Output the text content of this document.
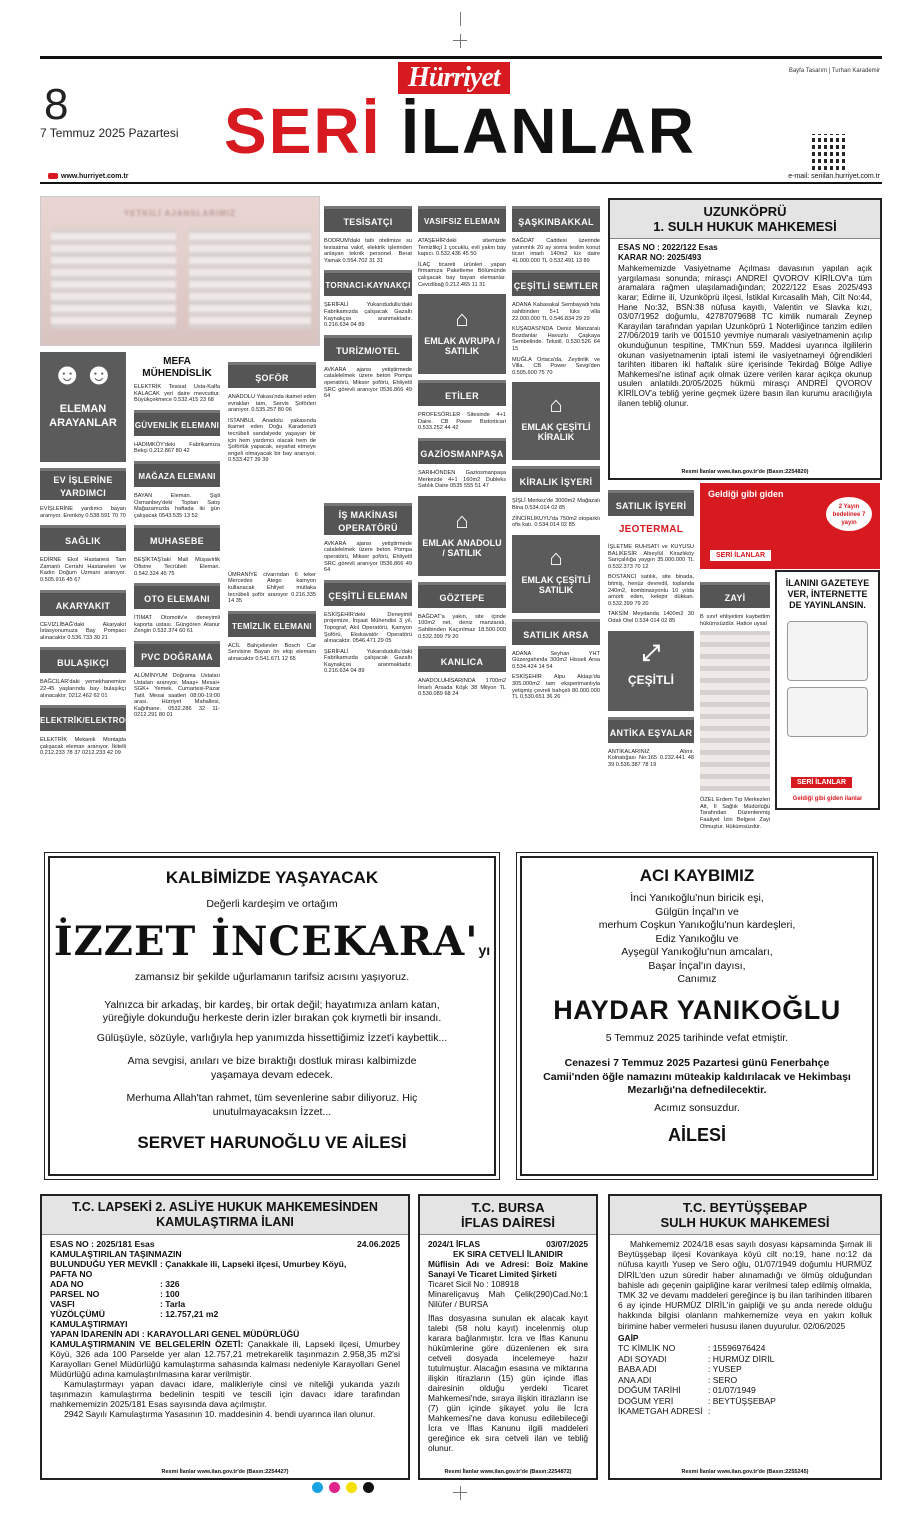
Hürriyet	Bayfa Tasarım | Turhan Karademir
8
7 Temmuz 2025 Pazartesi SERİ İLANLAR
www.hurriyet.com.tr	e-mail: seriilan.hurriyet.com.tr
YETKİLİ AJANSLARIMIZ
☻☻
ELEMAN ARAYANLAR
EV İŞLERİNE YARDIMCI
EVİŞLERİNE yardımcı bayan aranıyor. Erenköy 0.538.591 70 70
SAĞLIK
EDİRNE Ekol Hastanesi Tam Zamanlı Cerrahi Hastaneleri ve Kadın Doğum Uzmanı aranıyor. 0.505.916 45 67
AKARYAKIT
CEVİZLİBAĞ'daki Akaryakıt İstasyonumuza Bay Pompacı alınacaktır 0.536.733 30 21
BULAŞIKÇI
BAĞCILAR'daki yemekhanemize 22-45 yaşlarında bay bulaşıkçı alınacaktır. 0212.462 62 01
ELEKTRİK/ELEKTRONİK
ELEKTRİK Mekanik Montajda çalışacak eleman aranıyor. İkitelli 0.212.233 78 37 0212.233 42 09
MEFA MÜHENDİSLİK
ELEKTRİK Tesisat Usta-Kalfa KALACAK yeri daire mevcuttur. Büyükçekmece 0.532.415 23 68
GÜVENLİK ELEMANI
HADIMKÖY'deki Fabrikamıza Bekçi 0.212.867 80 42
MAĞAZA ELEMANI
BAYAN Eleman. Şişli Osmanbey'deki Toptan Satış Mağazamızda haftada iki gün çalışacak 0543.535 13 52
MUHASEBE
BEŞİKTAŞ'taki Mali Müşavirlik Ofisine Tecrübeli Eleman. 0.542.324 45 75
OTO ELEMANI
İTİMAT Otomotiv'e deneyimli kaporta ustası. Güngören Atanur Zengin 0.532.374 60 61
PVC DOĞRAMA
ALÜMİNYUM Doğrama Ustaları Ustaları aranıyor. Maaş+ Mesai+ SGK+ Yemek. Cumartesi-Pazar Tatil. Mesai saatleri 08:00-19:00 arası. Hürriyet Mahallesi, Kağıthane. 0532.286 32 11- 0212.291 80 01
ŞOFÖR
ANADOLU Yakası'nda ikamet eden evrakları tam, Servis Şoförleri aranıyor. 0.535.257 80 06
İSTANBUL Anadolu yakasında ikamet eden Doğu Karadenizli tecrübeli sandalyede yaşayan bir için hem yardımcı olacak hem de Şoförlük yapacak, seyahat etmeye engeli olmayacak bir bay aranıyor. 0.533.427 39 39
ÜMRANİYE civarından 6 teker Mercedes Atego kamyon kullanacak Ehliyet mutlaka tecrübeli şoför aranıyor 0.216.335 14 35
TEMİZLİK ELEMANI
ACİL Bahçelievler Bosch Car Servisine Bayan ön ekip elemanı alınacaktır 0.541.671 12 65
TESİSATÇI
BODRUM'daki tatlı otelimize su tesisatına vakıf, elektrik işlerinden anlayan teknik personel. Berat Yamak 0.554.702 31 31
TORNACI-KAYNAKÇI
ŞERİFALİ Yukarıdudullu'daki Fabrikamızda çalışacak Gazaltı Kaynakçısı aranmaktadır. 0.216.634 04 89
TURİZM/OTEL
AVKARA ajansı yetiştirmede catalelelmek üzere beton Pompa operatörü, Mikser şoförü, Ehliyetli SRC görevli aranıyor 0536.866 49 64
İŞ MAKİNASI OPERATÖRÜ
AVKARA ajansı yetiştirmede catalelelmek üzere beton Pompa operatörü, Mikser şoförü, Ehliyetli SRC görevli aranıyor 0536.866 49 64
ÇEŞİTLİ ELEMAN
ESKİŞEHİR'deki Deneyimli projemize, İnşaat Mühendisi 3 yıl, Topograf, Akıl Operatörü, Kamyon Şoförü, Ekskavatör Operatörü alınacaktır. 0546.471 29 05
ŞERİFALİ Yukarıdudullu'daki Fabrikamızda çalışacak Gazaltı Kaynakçısı aranmaktadır. 0.216.634 04 89
VASIFSIZ ELEMAN
ATAŞEHİR'deki sitemizde Temizlikçi 1 çocuklu, evli yakın bay kapıcı. 0.532.436 45 50
İLAÇ ticareti ürünleri yapan firmamıza Paketleme Bölümünde çalışacak bay bayan elemanlar. Cevizlibağ 0.212.465 11 31
⌂
EMLAK AVRUPA / SATILIK
ETİLER
PROFESÖRLER Sitesinde 4+1 Daire. CB Power Bistorticari 0.533.252 44 42
GAZİOSMANPAŞA
SARIHÖNDEN Gaziosmanpaşa Merkezde 4+1 160m2 Dubleks Satılık Daire 0535 555 51 47
⌂
EMLAK ANADOLU / SATILIK
GÖZTEPE
BAĞDAT'a yakın, site içinde 100m2 net, deniz manzaralı, Sahibinden Kaçırılmaz 18.500.000 0.532.399 79 20
KANLICA
ANADOLUHİSARINDA 1700m2 İmarlı Arsada Köşk 38 Milyon TL 0.530.089 68 24
ŞAŞKINBAKKAL
BAĞDAT Caddesi üzerinde yatırımlık 20 ay sonra teslim konut ticari imarlı 140m2 lüx daire 41.000.000 TL 0.532.491 13 89
ÇEŞİTLİ SEMTLER
ADANA Kabasakal Sembayadı'nda sahibinden 5+1 lüks villa 22.000.000 TL 0.546.834 29 29
KUŞADASI'NDA Deniz Manzaralı Bozdanlar Havuzlu Çaşkaya Sembelinde. Tekstil. 0.530.526 64 15
MUĞLA Ortaca'da, Zeytinlik ve Villa. CB Power Sevgi'den 0.505.600 75 70
⌂
EMLAK ÇEŞİTLİ KİRALIK
KİRALIK İŞYERİ
ŞİŞLİ Merkez'de 3000m2 Mağazalı Bina 0.534.014 02 85
ZİNCİRLİKUYU'da 750m2 otoparklı ofis katı. 0.534.014 02 85
⌂
EMLAK ÇEŞİTLİ SATILIK
SATILIK ARSA
ADANA Seyhan YHT Güzergahında 300m2 Hisseli Arsa 0.534.424 14 54
ESKİŞEHİR Alpu Aktaşı'da 305.000m2 tam eksperimanlıyla yetişmiş çevreli bahçeli 80.000.000 TL 0.530.651 36 26
UZUNKÖPRÜ
1. SULH HUKUK MAHKEMESİ
ESAS NO : 2022/122 Esas
KARAR NO: 2025/493
Mahkememizde Vasiyetname Açılması davasının yapılan açık yargılaması sonunda; mirasçı ANDREİ QVOROV KİRİLOV'a tüm aramalara rağmen ulaşılamadığından; 2022/122 Esas 2025/493 karar; Edirne ili, Uzunköprü ilçesi, İstiklal Kırcasalih Mah, Cilt No:44, Hane No:32, BSN:38 nüfusa kayıtlı, Valentin ve Slavka kızı, 03/07/1952 doğumlu, 42787079688 TC kimlik numaralı Zeynep Karayılan tarafından yapılan Uzunköprü 1 Noterliğince tanzim edilen 27/06/2019 tarih ve 001510 yevmiye numaralı vasiyetnamenin açılıp okunduğunun tespitine, TMK'nun 559. Maddesi uyarınca ilgililerin okunan vasiyetnamenin iptali istemi ile vasiyetnameyi öğrendikleri tarihten itibaren iki haftalık süre içerisinde Tekirdağ Bölge Adliye Mahkemesi'ne istinaf açık olmak üzere verilen karar açıkça okunup usulen anlatıldı.20/05/2025 hükmü mirasçı ANDREİ QVOROV KİRİLOV'a tebliğ yerine geçmek üzere basın ilan kurumu aracılığıyla ilanen tebliğ olunur.
Resmi İlanlar www.ilan.gov.tr'de (Basın:2254820)
SATILIK İŞYERİ
JEOTERMAL
İŞLETME RUHSATI ve KUYUSU BALIKESİR Altıeylül Kirazlıköy Sarıçalılığa yaygın 35.000.000 TL 0.532.373 70 12
BOSTANCI satılık, site binada, bitmiş, henüz devredil, toplanda 240m2, kombinasyonlu 10 yılda amorti eden, kelepir dükkan. 0.532.399 79 20
TAKSİM Meydanda 1400m2 30 Odalı Otel 0.534 014 02 85
⤢
ÇEŞİTLİ
ANTİKA EŞYALAR
ANTİKALARINIZ Alınır. Kolnatığası No:165 0.232.441 48 39 0.536.387 78 19
Geldiği gibi giden
2 Yayın bedelinee 7 yayın
SERİ İLANLAR
ZAYİ
B sınıf ehliyetimi kaybettim hükümsüzdür. Hatice uysal
ÖZEL Erdem Tıp Merkezleri Alt, İl Sağlık Müdürlüğü Tarafından Düzenlenmiş Faaliyet İzin Belgesi Zayi Olmuştur. Hükümsüzdür.
İLANINI GAZETEYE VER, İNTERNETTE DE YAYINLANSIN.
SERİ İLANLAR
Geldiği gibi giden ilanlar
KALBİMİZDE YAŞAYACAK
Değerli kardeşim ve ortağım
İZZET İNCEKARA'yı
zamansız bir şekilde uğurlamanın tarifsiz acısını yaşıyoruz.
Yalnızca bir arkadaş, bir kardeş, bir ortak değil; hayatımıza anlam katan, yüreğiyle dokunduğu herkeste derin izler bırakan çok kıymetli bir insandı.
Gülüşüyle, sözüyle, varlığıyla hep yanımızda hissettiğimiz İzzet'i kaybettik...
Ama sevgisi, anıları ve bize bıraktığı dostluk mirası kalbimizde yaşamaya devam edecek.
Merhuma Allah'tan rahmet, tüm sevenlerine sabır diliyoruz. Hiç unutulmayacaksın İzzet...
SERVET HARUNOĞLU VE AİLESİ
ACI KAYBIMIZ
İnci Yanıkoğlu'nun biricik eşi,
Gülgün İnçal'ın ve
merhum Coşkun Yanıkoğlu'nun kardeşleri,
Ediz Yanıkoğlu ve
Ayşegül Yanıkoğlu'nun amcaları,
Başar İnçal'ın dayısı,
Canımız
HAYDAR YANIKOĞLU
5 Temmuz 2025 tarihinde vefat etmiştir.
Cenazesi 7 Temmuz 2025 Pazartesi günü Fenerbahçe Camii'nden öğle namazını müteakip kaldırılacak ve Hekimbaşı Mezarlığı'na defnedilecektir.
Acımız sonsuzdur.
AİLESİ
T.C. LAPSEKİ 2. ASLİYE HUKUK MAHKEMESİNDEN KAMULAŞTIRMA İLANI
ESAS NO : 2025/181 Esas	24.06.2025
KAMULAŞTIRILAN TAŞINMAZIN
BULUNDUĞU YER MEVKİİ : Çanakkale ili, Lapseki ilçesi, Umurbey Köyü,
PAFTA NO
ADA NO	: 326
PARSEL NO	: 100
VASFI	: Tarla
YÜZÖLÇÜMÜ	: 12.757,21 m2
KAMULAŞTIRMAYI
YAPAN İDARENİN ADI : KARAYOLLARI GENEL MÜDÜRLÜĞÜ
KAMULAŞTIRMANIN VE BELGELERİN ÖZETİ: Çanakkale ili, Lapseki ilçesi, Umurbey Köyü, 326 ada 100 Parselde yer alan 12.757,21 metrekarelik taşınmazın 2.958,35 m2'si Karayolları Genel Müdürlüğü kamulaştırma sahasında kalması nedeniyle Karayolları Genel Müdürlüğü adına kamulaştırılmasına karar verilmiştir.
Kamulaştırmayı yapan davacı idare, malikleriyle cinsi ve niteliği yukarıda yazılı taşınmazın kamulaştırma bedelinin tespiti ve tescili için davacı idare tarafından mahkememizin 2025/181 Esas sayısında dava açılmıştır.
2942 Sayılı Kamulaştırma Yasasının 10. maddesinin 4. bendi uyarınca ilan olunur.
Resmi İlanlar www.ilan.gov.tr'de (Basın:2254427)
T.C. BURSA
İFLAS DAİRESİ
2024/1 İFLAS	03/07/2025
EK SIRA CETVELİ İLANIDIR
Müflisin Adı ve Adresi: Boiz Makine Sanayi Ve Ticaret Limited Şirketi
Ticaret Sicil No : 108918
Minareliçavuş Mah Çelik(290)Cad.No:1 Nilüfer / BURSA
İflas dosyasına sunulan ek alacak kayıt talebi (58 nolu kayıt) incelenmiş olup karara bağlanmıştır. İcra ve İflas Kanunu hükümlerine göre düzenlenen ek sıra cetveli dosyada incelemeye hazır tutulmuştur. Alacağın esasına ve miktarına ilişkin itirazların (15) gün içinde iflas dairesinin olduğu yerdeki Ticaret Mahkemesi'nde, sıraya ilişkin itirazların ise (7) gün içinde şikayet yolu ile İcra Mahkemesi'ne dava konusu edilebileceği İcra ve İflas Kanunu ilgili maddeleri gereğince ek sıra cetveli ilan ve tebliğ olunur.
Resmi İlanlar www.ilan.gov.tr'de (Basın:2254872)
T.C. BEYTÜŞŞEBAP
SULH HUKUK MAHKEMESİ
Mahkememiz 2024/18 esas sayılı dosyası kapsamında Şırnak ili Beytüşşebap ilçesi Kovankaya köyü cilt no:19, hane no:12 da nüfusa kayıtlı Yusep ve Sero oğlu, 01/07/1949 doğumlu HURMÜZ DİRİL'den uzun süredir haber alınamadığı ve ölmüş olduğundan bahisle adı geçenin gaipliğine karar verilmesi talep edilmiş olmakla, TMK 32 ve devamı maddeleri gereğince iş bu ilan tarihinden itibaren 6 ay içinde HURMÜZ DİRİL'in gaipliği ve şu anda nerede olduğu hakkında bilgisi olanların mahkememize veya en yakın kolluk birimine haber vermeleri hususu ilanen duyurulur. 02/06/2025
GAİP
TC KİMLİK NO	: 15596976424
ADI SOYADI	: HURMÜZ DİRİL
BABA ADI	: YUSEP
ANA ADI	: SERO
DOĞUM TARİHİ	: 01/07/1949
DOĞUM YERİ	: BEYTÜŞŞEBAP
İKAMETGAH ADRESİ :
Resmi İlanlar www.ilan.gov.tr'de (Basın:2255245)
